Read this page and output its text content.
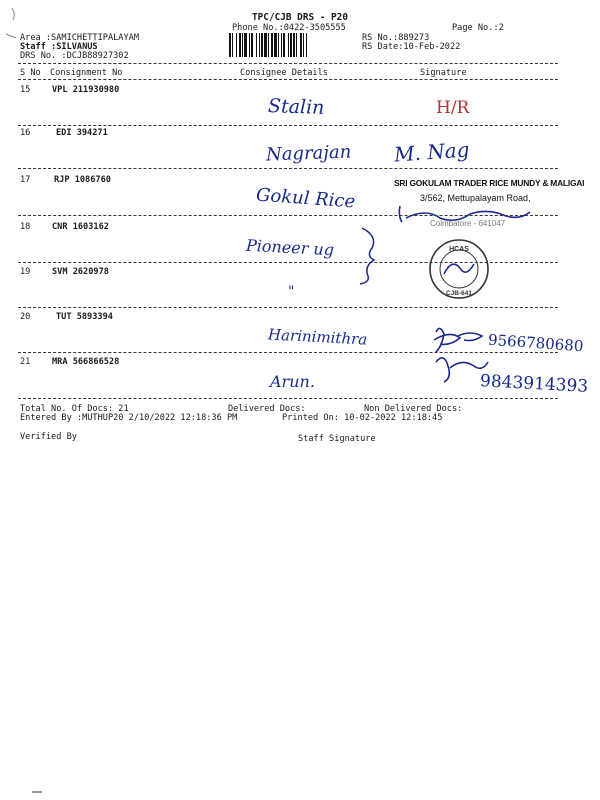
TPC/CJB DRS - P20
Phone No.:0422-3505555	Page No.:2
Area :SAMICHETTIPALAYAM
Staff :SILVANUS
DRS No. :DCJB88927302
RS No.:889273
RS Date:10-Feb-2022
S No Consignment No	Consignee Details	Signature
15	VPL 211930980
Stalin	H/R
16	EDI 394271
Nagrajan M. Nag
17	RJP 1086760
Gokul Rice
SRI GOKULAM TRADER RICE MUNDY & MALIGAI
3/562, Mettupalayam Road,
18	CNR 1603162	Coimbatore - 641047
Pioneer ug	HCAS
CJB-641
19	SVM 2620978
"
20	TUT 5893394
Harinimithra	9566780680
21	MRA 566866528
Arun.	9843914393
Total No. Of Docs: 21	Delivered Docs:	Non Delivered Docs:
Entered By :MUTHUP20 2/10/2022 12:18:36 PM	Printed On: 10-02-2022 12:18:45
Verified By	Staff Signature
